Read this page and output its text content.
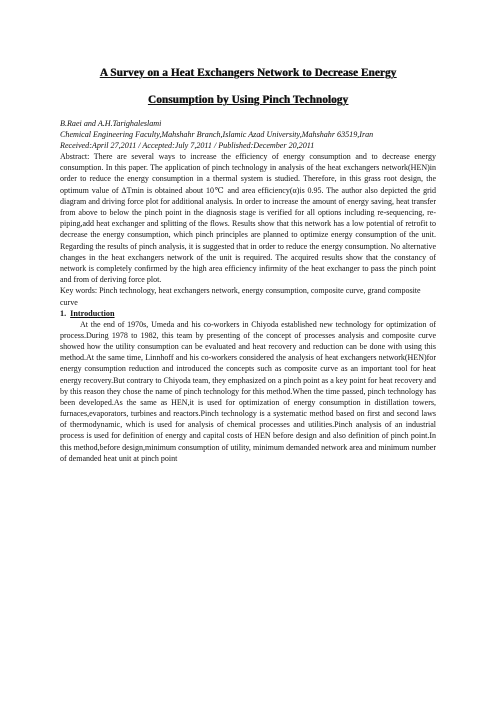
A Survey on a Heat Exchangers Network to Decrease Energy
Consumption by Using Pinch Technology
B.Raei and A.H.Tarighaleslami
Chemical Engineering Faculty,Mahshahr Branch,Islamic Azad University,Mahshahr 63519,Iran
Received:April 27,2011 / Accepted:July 7,2011 / Published:December 20,2011

Abstract: There are several ways to increase the efficiency of energy consumption and to decrease energy consumption. In this paper. The application of pinch technology in analysis of the heat exchangers network(HEN)in order to reduce the energy consumption in a thermal system is studied. Therefore, in this grass root design, the optimum value of ΔTmin is obtained about 10℃ and area efficiency(α)is 0.95. The author also depicted the grid diagram and driving force plot for additional analysis. In order to increase the amount of energy saving, heat transfer from above to below the pinch point in the diagnosis stage is verified for all options including re-sequencing, re-piping,add heat exchanger and splitting of the flows. Results show that this network has a low potential of retrofit to decrease the energy consumption, which pinch principles are planned to optimize energy consumption of the unit. Regarding the results of pinch analysis, it is suggested that in order to reduce the energy consumption. No alternative changes in the heat exchangers network of the unit is required. The acquired results show that the constancy of network is completely confirmed by the high area efficiency infirmity of the heat exchanger to pass the pinch point and from of deriving force plot.

Key words: Pinch technology, heat exchangers network, energy consumption, composite curve, grand composite curve

1. Introduction

At the end of 1970s, Umeda and his co-workers in Chiyoda established new technology for optimization of process.During 1978 to 1982, this team by presenting of the concept of processes analysis and composite curve showed how the utility consumption can be evaluated and heat recovery and reduction can be done with using this method.At the same time, Linnhoff and his co-workers considered the analysis of heat exchangers network(HEN)for energy consumption reduction and introduced the concepts such as composite curve as an important tool for heat energy recovery.But contrary to Chiyoda team, they emphasized on a pinch point as a key point for heat recovery and by this reason they chose the name of pinch technology for this method.When the time passed, pinch technology has been developed.As the same as HEN,it is used for optimization of energy consumption in distillation towers, furnaces,evaporators, turbines and reactors.Pinch technology is a systematic method based on first and second laws of thermodynamic, which is used for analysis of chemical processes and utilities.Pinch analysis of an industrial process is used for definition of energy and capital costs of HEN before design and also definition of pinch point.In this method,before design,minimum consumption of utility, minimum demanded network area and minimum number of demanded heat unit at pinch point
